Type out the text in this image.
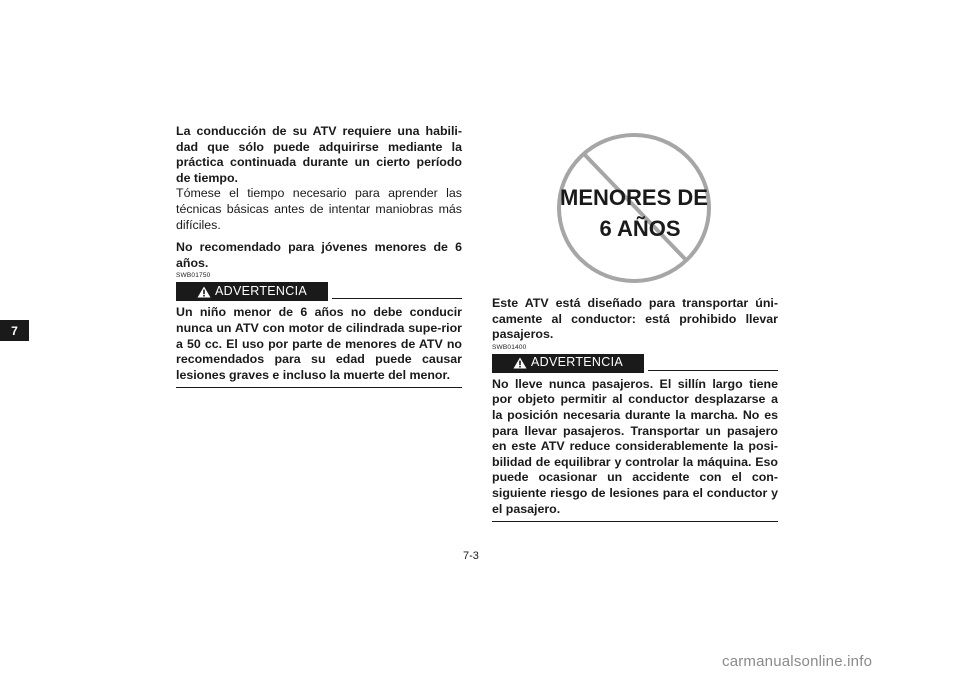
7

La conducción de su ATV requiere una habili-dad que sólo puede adquirirse mediante la práctica continuada durante un cierto período de tiempo.

Tómese el tiempo necesario para aprender las técnicas básicas antes de intentar maniobras más difíciles.

No recomendado para jóvenes menores de 6 años.

SWB01750
ADVERTENCIA

Un niño menor de 6 años no debe conducir nunca un ATV con motor de cilindrada supe-rior a 50 cc. El uso por parte de menores de ATV no recomendados para su edad puede causar lesiones graves e incluso la muerte del menor.

MENORES DE
6 AÑOS

Este ATV está diseñado para transportar úni-camente al conductor: está prohibido llevar pasajeros.

SWB01400
ADVERTENCIA

No lleve nunca pasajeros. El sillín largo tiene por objeto permitir al conductor desplazarse a la posición necesaria durante la marcha. No es para llevar pasajeros. Transportar un pasajero en este ATV reduce considerablemente la posi-bilidad de equilibrar y controlar la máquina. Eso puede ocasionar un accidente con el con-siguiente riesgo de lesiones para el conductor y el pasajero.

7-3
carmanualsonline.info
